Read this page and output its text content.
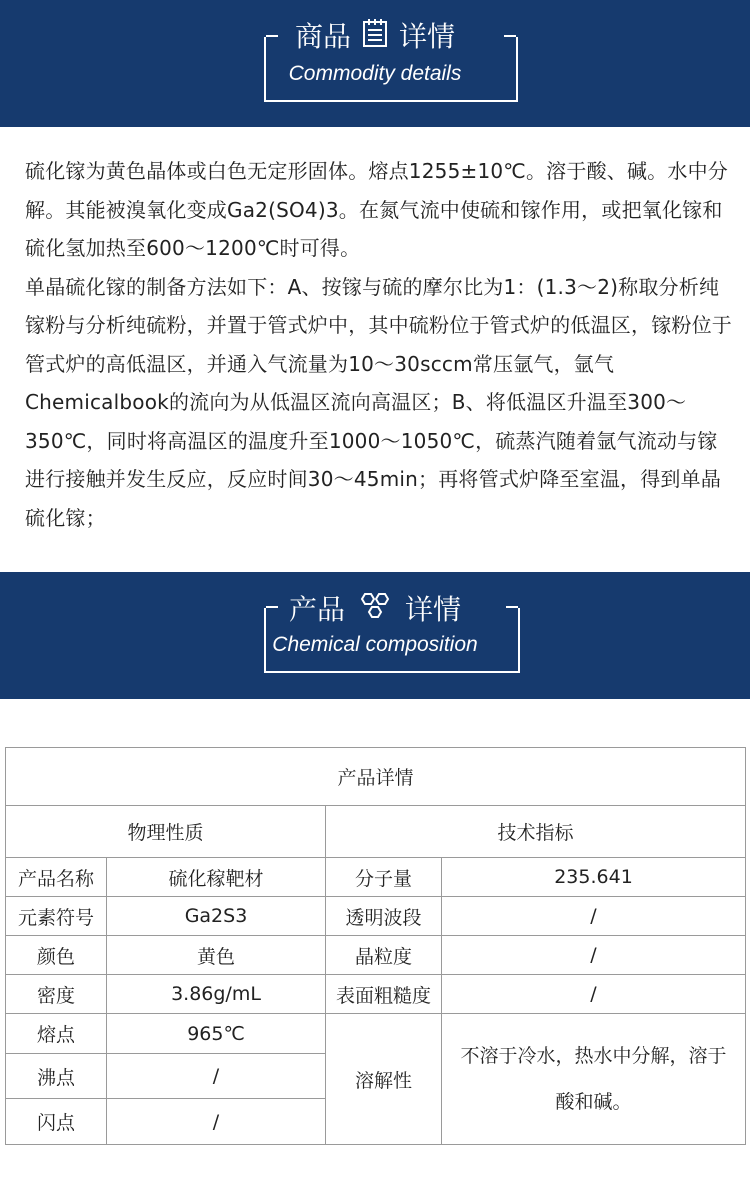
商品 详情
Commodity details

硫化镓为黄色晶体或白色无定形固体。熔点1255±10℃。溶于酸、碱。水中分解。其能被溴氧化变成Ga2(SO4)3。在氮气流中使硫和镓作用，或把氧化镓和硫化氢加热至600～1200℃时可得。

单晶硫化镓的制备方法如下：A、按镓与硫的摩尔比为1：(1.3～2)称取分析纯镓粉与分析纯硫粉，并置于管式炉中，其中硫粉位于管式炉的低温区，镓粉位于管式炉的高低温区，并通入气流量为10～30sccm常压氩气，氩气Chemicalbook的流向为从低温区流向高温区；B、将低温区升温至300～350℃，同时将高温区的温度升至1000～1050℃，硫蒸汽随着氩气流动与镓进行接触并发生反应，反应时间30～45min；再将管式炉降至室温，得到单晶硫化镓；

产品 详情
Chemical composition
产品详情			
物理性质		技术指标	
产品名称	硫化稼靶材	分子量	235.641
元素符号	Ga2S3	透明波段	/
颜色	黄色	晶粒度	/
密度	3.86g/mL	表面粗糙度	/
熔点	965℃	溶解性	不溶于冷水，热水中分解，溶于酸和碱。
沸点	/		
闪点	/		
